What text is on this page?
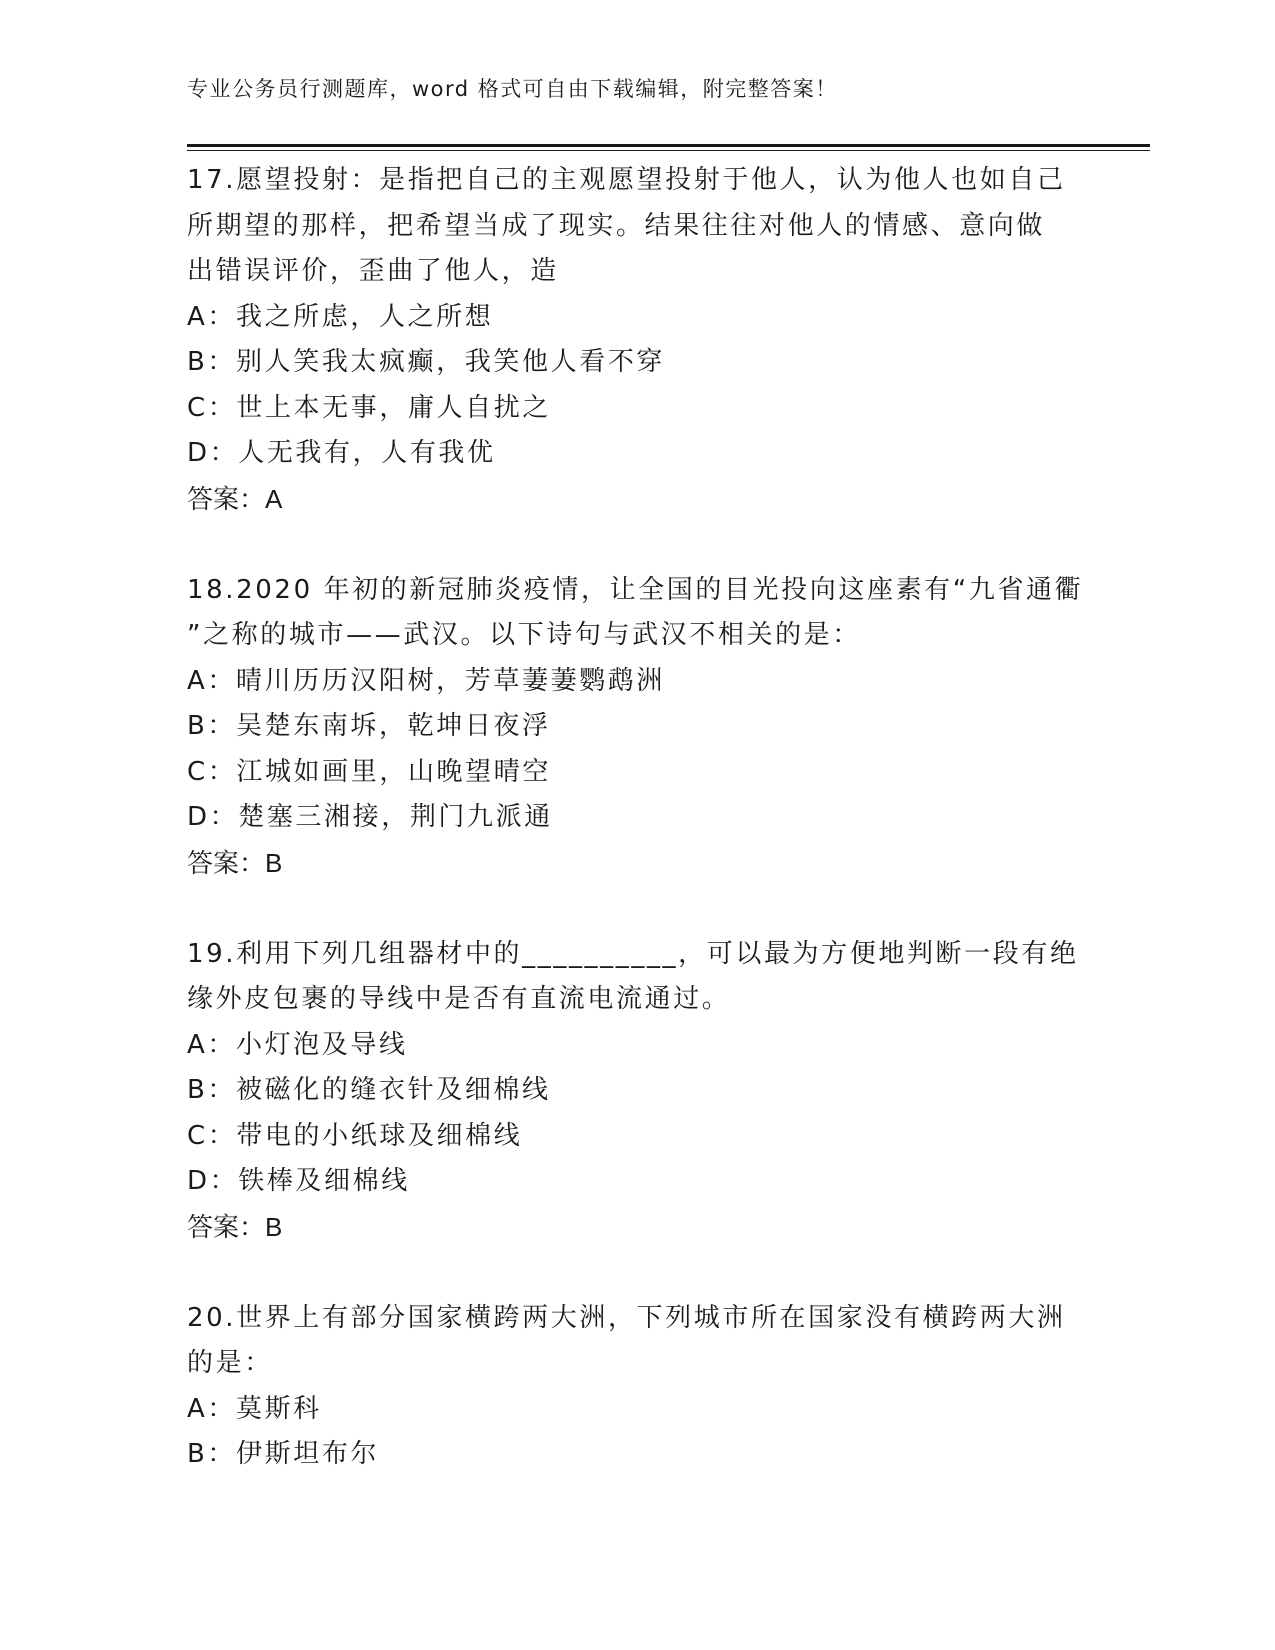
专业公务员行测题库，word 格式可自由下载编辑，附完整答案！
17.愿望投射：是指把自己的主观愿望投射于他人，认为他人也如自己
所期望的那样，把希望当成了现实。结果往往对他人的情感、意向做
出错误评价，歪曲了他人，造
A：我之所虑，人之所想
B：别人笑我太疯癫，我笑他人看不穿
C：世上本无事，庸人自扰之
D：人无我有，人有我优
答案：A
18.2020 年初的新冠肺炎疫情，让全国的目光投向这座素有“九省通衢
”之称的城市——武汉。以下诗句与武汉不相关的是：
A：晴川历历汉阳树，芳草萋萋鹦鹉洲
B：吴楚东南坼，乾坤日夜浮
C：江城如画里，山晚望晴空
D：楚塞三湘接，荆门九派通
答案：B
19.利用下列几组器材中的__________，可以最为方便地判断一段有绝
缘外皮包裹的导线中是否有直流电流通过。
A：小灯泡及导线
B：被磁化的缝衣针及细棉线
C：带电的小纸球及细棉线
D：铁棒及细棉线
答案：B
20.世界上有部分国家横跨两大洲，下列城市所在国家没有横跨两大洲
的是：
A：莫斯科
B：伊斯坦布尔
